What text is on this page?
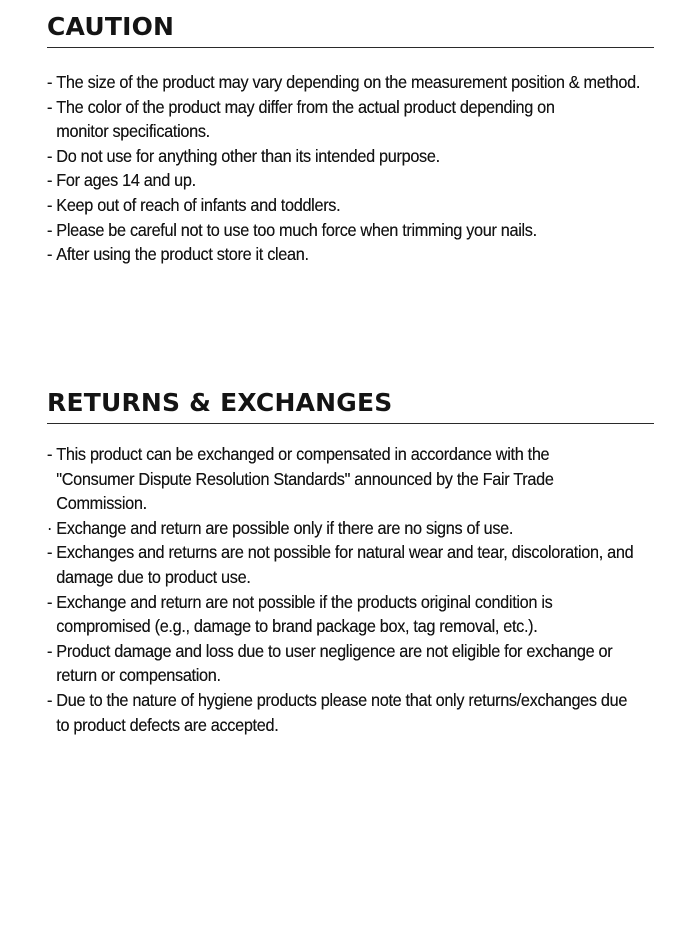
CAUTION
- The size of the product may vary depending on the measurement position & method.
- The color of the product may differ from the actual product depending on monitor specifications.
- Do not use for anything other than its intended purpose.
- For ages 14 and up.
- Keep out of reach of infants and toddlers.
- Please be careful not to use too much force when trimming your nails.
- After using the product store it clean.
RETURNS & EXCHANGES
- This product can be exchanged or compensated in accordance with the "Consumer Dispute Resolution Standards" announced by the Fair Trade Commission.
· Exchange and return are possible only if there are no signs of use.
- Exchanges and returns are not possible for natural wear and tear, discoloration, and damage due to product use.
- Exchange and return are not possible if the products original condition is compromised (e.g., damage to brand package box, tag removal, etc.).
- Product damage and loss due to user negligence are not eligible for exchange or return or compensation.
- Due to the nature of hygiene products please note that only returns/exchanges due to product defects are accepted.
